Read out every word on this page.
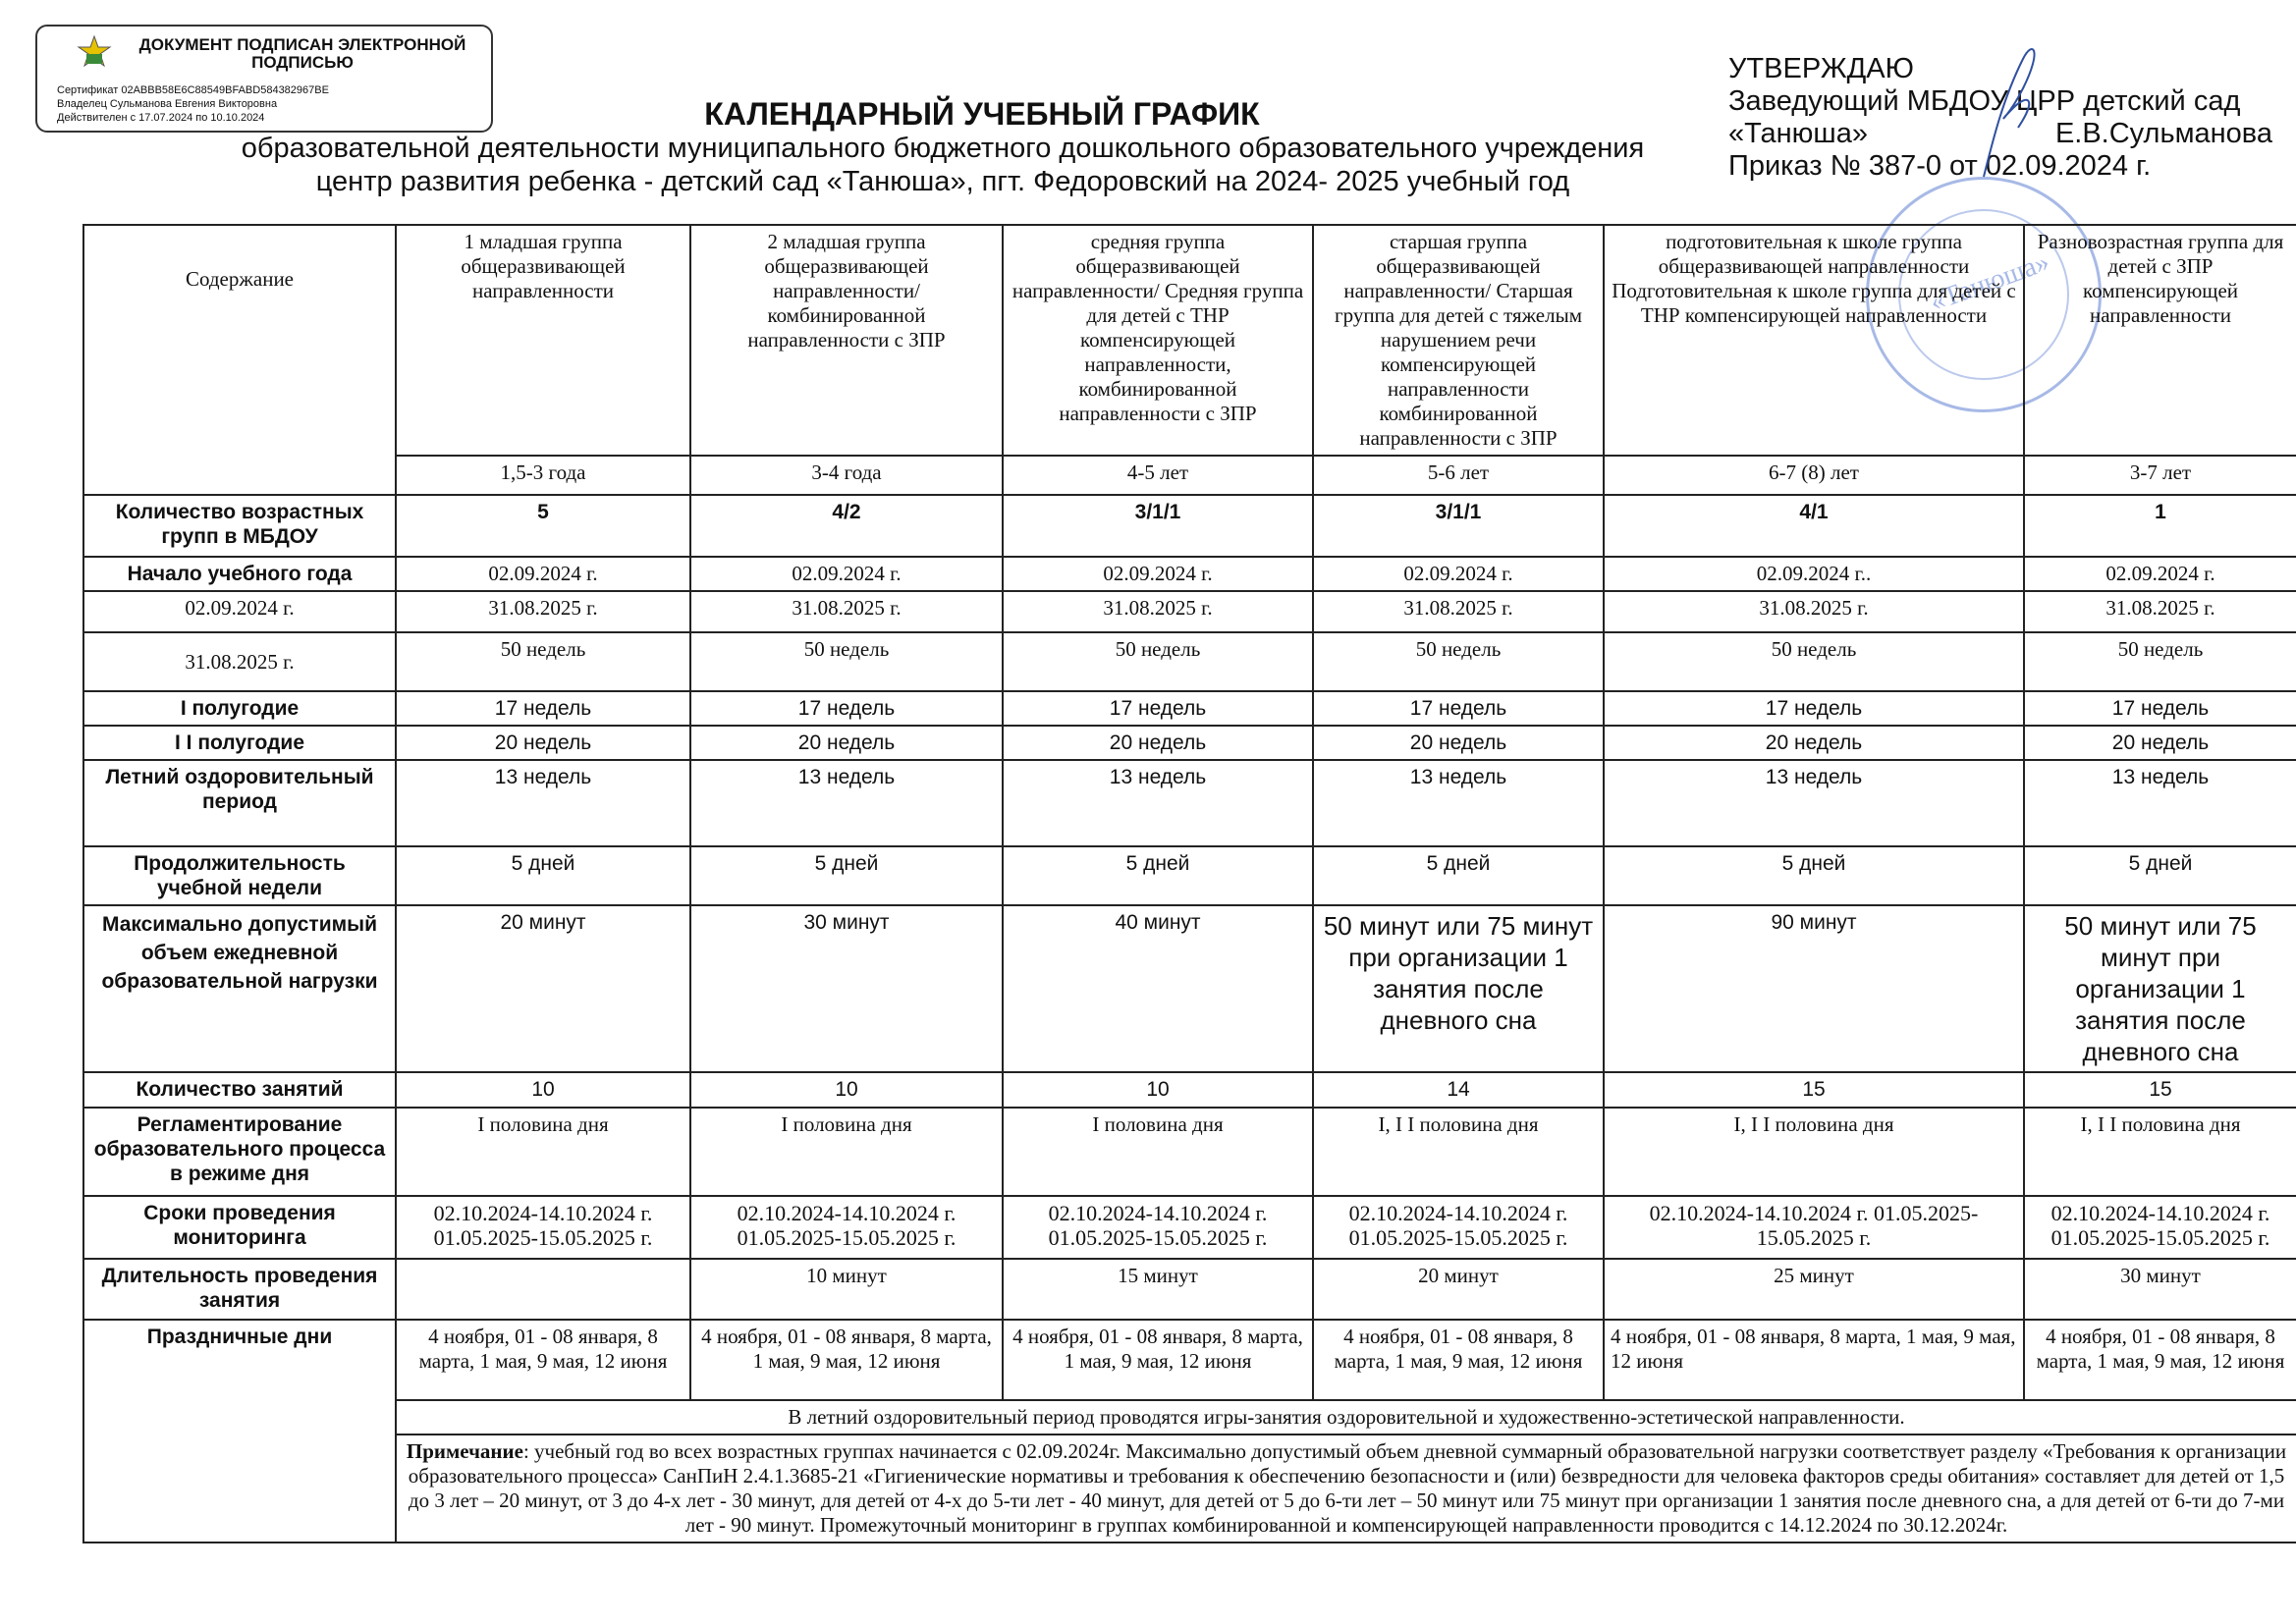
ДОКУМЕНТ ПОДПИСАН ЭЛЕКТРОННОЙ ПОДПИСЬЮ
Сертификат 02ABBB58E6C88549BFABD584382967BE
Владелец Сульманова Евгения Викторовна
Действителен с 17.07.2024 по 10.10.2024	КАЛЕНДАРНЫЙ УЧЕБНЫЙ ГРАФИК
образовательной деятельности муниципального бюджетного дошкольного образовательного учреждения
центр развития ребенка - детский сад «Танюша», пгт. Федоровский на 2024- 2025 учебный год
УТВЕРЖДАЮ
Заведующий МБДОУ ЦРР детский сад
«Танюша»	Е.В.Сульманова
Приказ № 387-0 от 02.09.2024 г.
«Танюша»
Содержание	1 младшая группа общеразвивающей направленности	2 младшая группа общеразвивающей направленности/ комбинированной направленности с ЗПР	средняя группа общеразвивающей направленности/ Средняя группа для детей с ТНР компенсирующей направленности, комбинированной направленности с ЗПР	старшая группа общеразвивающей направленности/ Старшая группа для детей с тяжелым нарушением речи компенсирующей направленности комбинированной направленности с ЗПР	подготовительная к школе группа общеразвивающей направленности Подготовительная к школе группа для детей с ТНР компенсирующей направленности	Разновозрастная группа для детей с ЗПР компенсирующей направленности
	1,5-3 года	3-4 года	4-5 лет	5-6 лет	6-7 (8) лет	3-7 лет
Количество возрастных групп в МБДОУ	5	4/2	3/1/1	3/1/1	4/1	1
Начало учебного года	02.09.2024 г.	02.09.2024 г.	02.09.2024 г.	02.09.2024 г.	02.09.2024 г..	02.09.2024 г.
02.09.2024 г.	31.08.2025 г.	31.08.2025 г.	31.08.2025 г.	31.08.2025 г.	31.08.2025 г.	31.08.2025 г.
31.08.2025 г.	50 недель	50 недель	50 недель	50 недель	50 недель	50 недель
I полугодие	17 недель	17 недель	17 недель	17 недель	17 недель	17 недель
I I полугодие	20 недель	20 недель	20 недель	20 недель	20 недель	20 недель
Летний оздоровительный период	13 недель	13 недель	13 недель	13 недель	13 недель	13 недель
Продолжительность учебной недели	5 дней	5 дней	5 дней	5 дней	5 дней	5 дней
Максимально допустимый объем ежедневной образовательной нагрузки	20 минут	30 минут	40 минут	50 минут или 75 минут при организации 1 занятия после дневного сна	90 минут	50 минут или 75 минут при организации 1 занятия после дневного сна
Количество занятий	10	10	10	14	15	15
Регламентирование образовательного процесса в режиме дня	I половина дня	I половина дня	I половина дня	I, I I половина дня	I, I I половина дня	I, I I половина дня
Сроки проведения мониторинга	02.10.2024-14.10.2024 г. 01.05.2025-15.05.2025 г.	02.10.2024-14.10.2024 г. 01.05.2025-15.05.2025 г.	02.10.2024-14.10.2024 г. 01.05.2025-15.05.2025 г.	02.10.2024-14.10.2024 г. 01.05.2025-15.05.2025 г.	02.10.2024-14.10.2024 г. 01.05.2025-15.05.2025 г.	02.10.2024-14.10.2024 г. 01.05.2025-15.05.2025 г.
Длительность проведения занятия		10 минут	15 минут	20 минут	25 минут	30 минут
Праздничные дни	4 ноября, 01 - 08 января, 8 марта, 1 мая, 9 мая, 12 июня	4 ноября, 01 - 08 января, 8 марта, 1 мая, 9 мая, 12 июня	4 ноября, 01 - 08 января, 8 марта, 1 мая, 9 мая, 12 июня	4 ноября, 01 - 08 января, 8 марта, 1 мая, 9 мая, 12 июня	4 ноября, 01 - 08 января, 8 марта, 1 мая, 9 мая, 12 июня	4 ноября, 01 - 08 января, 8 марта, 1 мая, 9 мая, 12 июня
	В летний оздоровительный период проводятся игры-занятия оздоровительной и художественно-эстетической направленности.					
	Примечание: учебный год во всех возрастных группах начинается с 02.09.2024г. Максимально допустимый объем дневной суммарный образовательной нагрузки соответствует разделу «Требования к организации образовательного процесса» СанПиН 2.4.1.3685-21 «Гигиенические нормативы и требования к обеспечению безопасности и (или) безвредности для человека факторов среды обитания» составляет для детей от 1,5 до 3 лет – 20 минут, от 3 до 4-х лет - 30 минут, для детей от 4-х до 5-ти лет - 40 минут, для детей от 5 до 6-ти лет – 50 минут или 75 минут при организации 1 занятия после дневного сна, а для детей от 6-ти до 7-ми лет - 90 минут. Промежуточный мониторинг в группах комбинированной и компенсирующей направленности проводится с 14.12.2024 по 30.12.2024г.					
